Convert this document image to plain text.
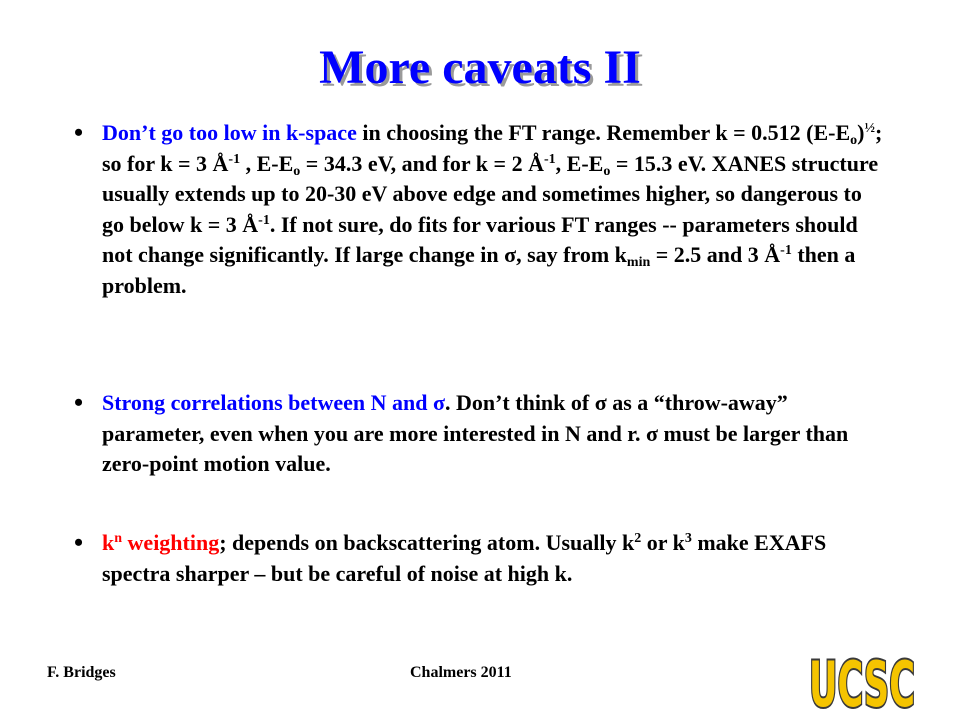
More caveats II
• Don’t go too low in k-space in choosing the FT range. Remember k = 0.512 $(E-E_o)^{\frac{1}{2}}$; so for k = 3 $Å^{-1}$ , $E-E_o = 34.3$ eV, and for k = 2 $Å^{-1}$, $E-E_o = 15.3$ eV. XANES structure usually extends up to 20-30 eV above edge and sometimes higher, so dangerous to go below k = 3 $Å^{-1}$. If not sure, do fits for various FT ranges -- parameters should not change significantly. If large change in σ, say from $k_{min} = 2.5$ and 3 $Å^{-1}$ then a problem.
• Strong correlations between N and σ. Don’t think of σ as a “throw-away” parameter, even when you are more interested in N and r. σ must be larger than zero-point motion value.
• $k^n$ weighting; depends on backscattering atom. Usually $k^2$ or $k^3$ make EXAFS spectra sharper – but be careful of noise at high k.
F. Bridges	Chalmers 2011	UCSC
